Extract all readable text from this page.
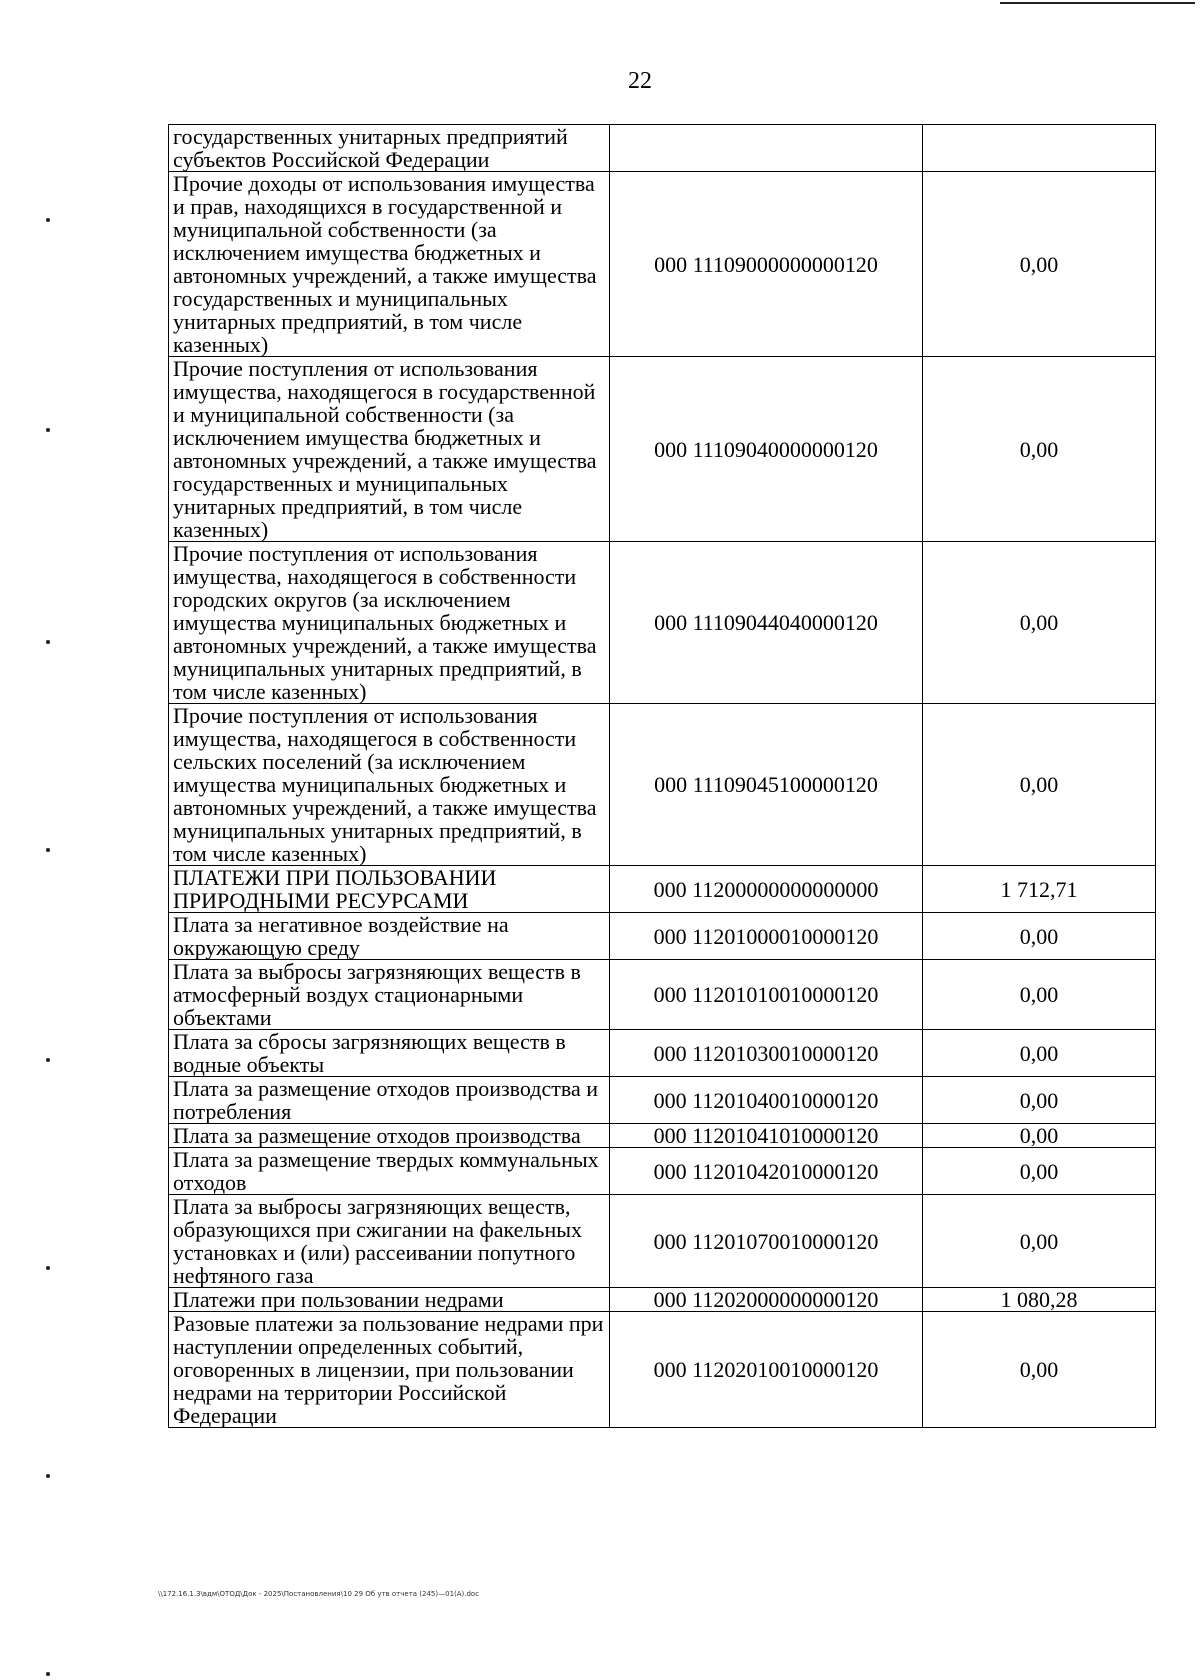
22
государственных унитарных предприятий субъектов Российской Федерации		
Прочие доходы от использования имущества и прав, находящихся в государственной и муниципальной собственности (за исключением имущества бюджетных и автономных учреждений, а также имущества государственных и муниципальных унитарных предприятий, в том числе казенных)	000 11109000000000120	0,00
Прочие поступления от использования имущества, находящегося в государственной и муниципальной собственности (за исключением имущества бюджетных и автономных учреждений, а также имущества государственных и муниципальных унитарных предприятий, в том числе казенных)	000 11109040000000120	0,00
Прочие поступления от использования имущества, находящегося в собственности городских округов (за исключением имущества муниципальных бюджетных и автономных учреждений, а также имущества муниципальных унитарных предприятий, в том числе казенных)	000 11109044040000120	0,00
Прочие поступления от использования имущества, находящегося в собственности сельских поселений (за исключением имущества муниципальных бюджетных и автономных учреждений, а также имущества муниципальных унитарных предприятий, в том числе казенных)	000 11109045100000120	0,00
ПЛАТЕЖИ ПРИ ПОЛЬЗОВАНИИ ПРИРОДНЫМИ РЕСУРСАМИ	000 11200000000000000	1 712,71
Плата за негативное воздействие на окружающую среду	000 11201000010000120	0,00
Плата за выбросы загрязняющих веществ в атмосферный воздух стационарными объектами	000 11201010010000120	0,00
Плата за сбросы загрязняющих веществ в водные объекты	000 11201030010000120	0,00
Плата за размещение отходов производства и потребления	000 11201040010000120	0,00
Плата за размещение отходов производства	000 11201041010000120	0,00
Плата за размещение твердых коммунальных отходов	000 11201042010000120	0,00
Плата за выбросы загрязняющих веществ, образующихся при сжигании на факельных установках и (или) рассеивании попутного нефтяного газа	000 11201070010000120	0,00
Платежи при пользовании недрами	000 11202000000000120	1 080,28
Разовые платежи за пользование недрами при наступлении определенных событий, оговоренных в лицензии, при пользовании недрами на территории Российской Федерации	000 11202010010000120	0,00
\\172.16.1.3\вдм\ОТОД\Док - 2025\Постановления\10 29 Об утв отчета (245)—01(А).doc
